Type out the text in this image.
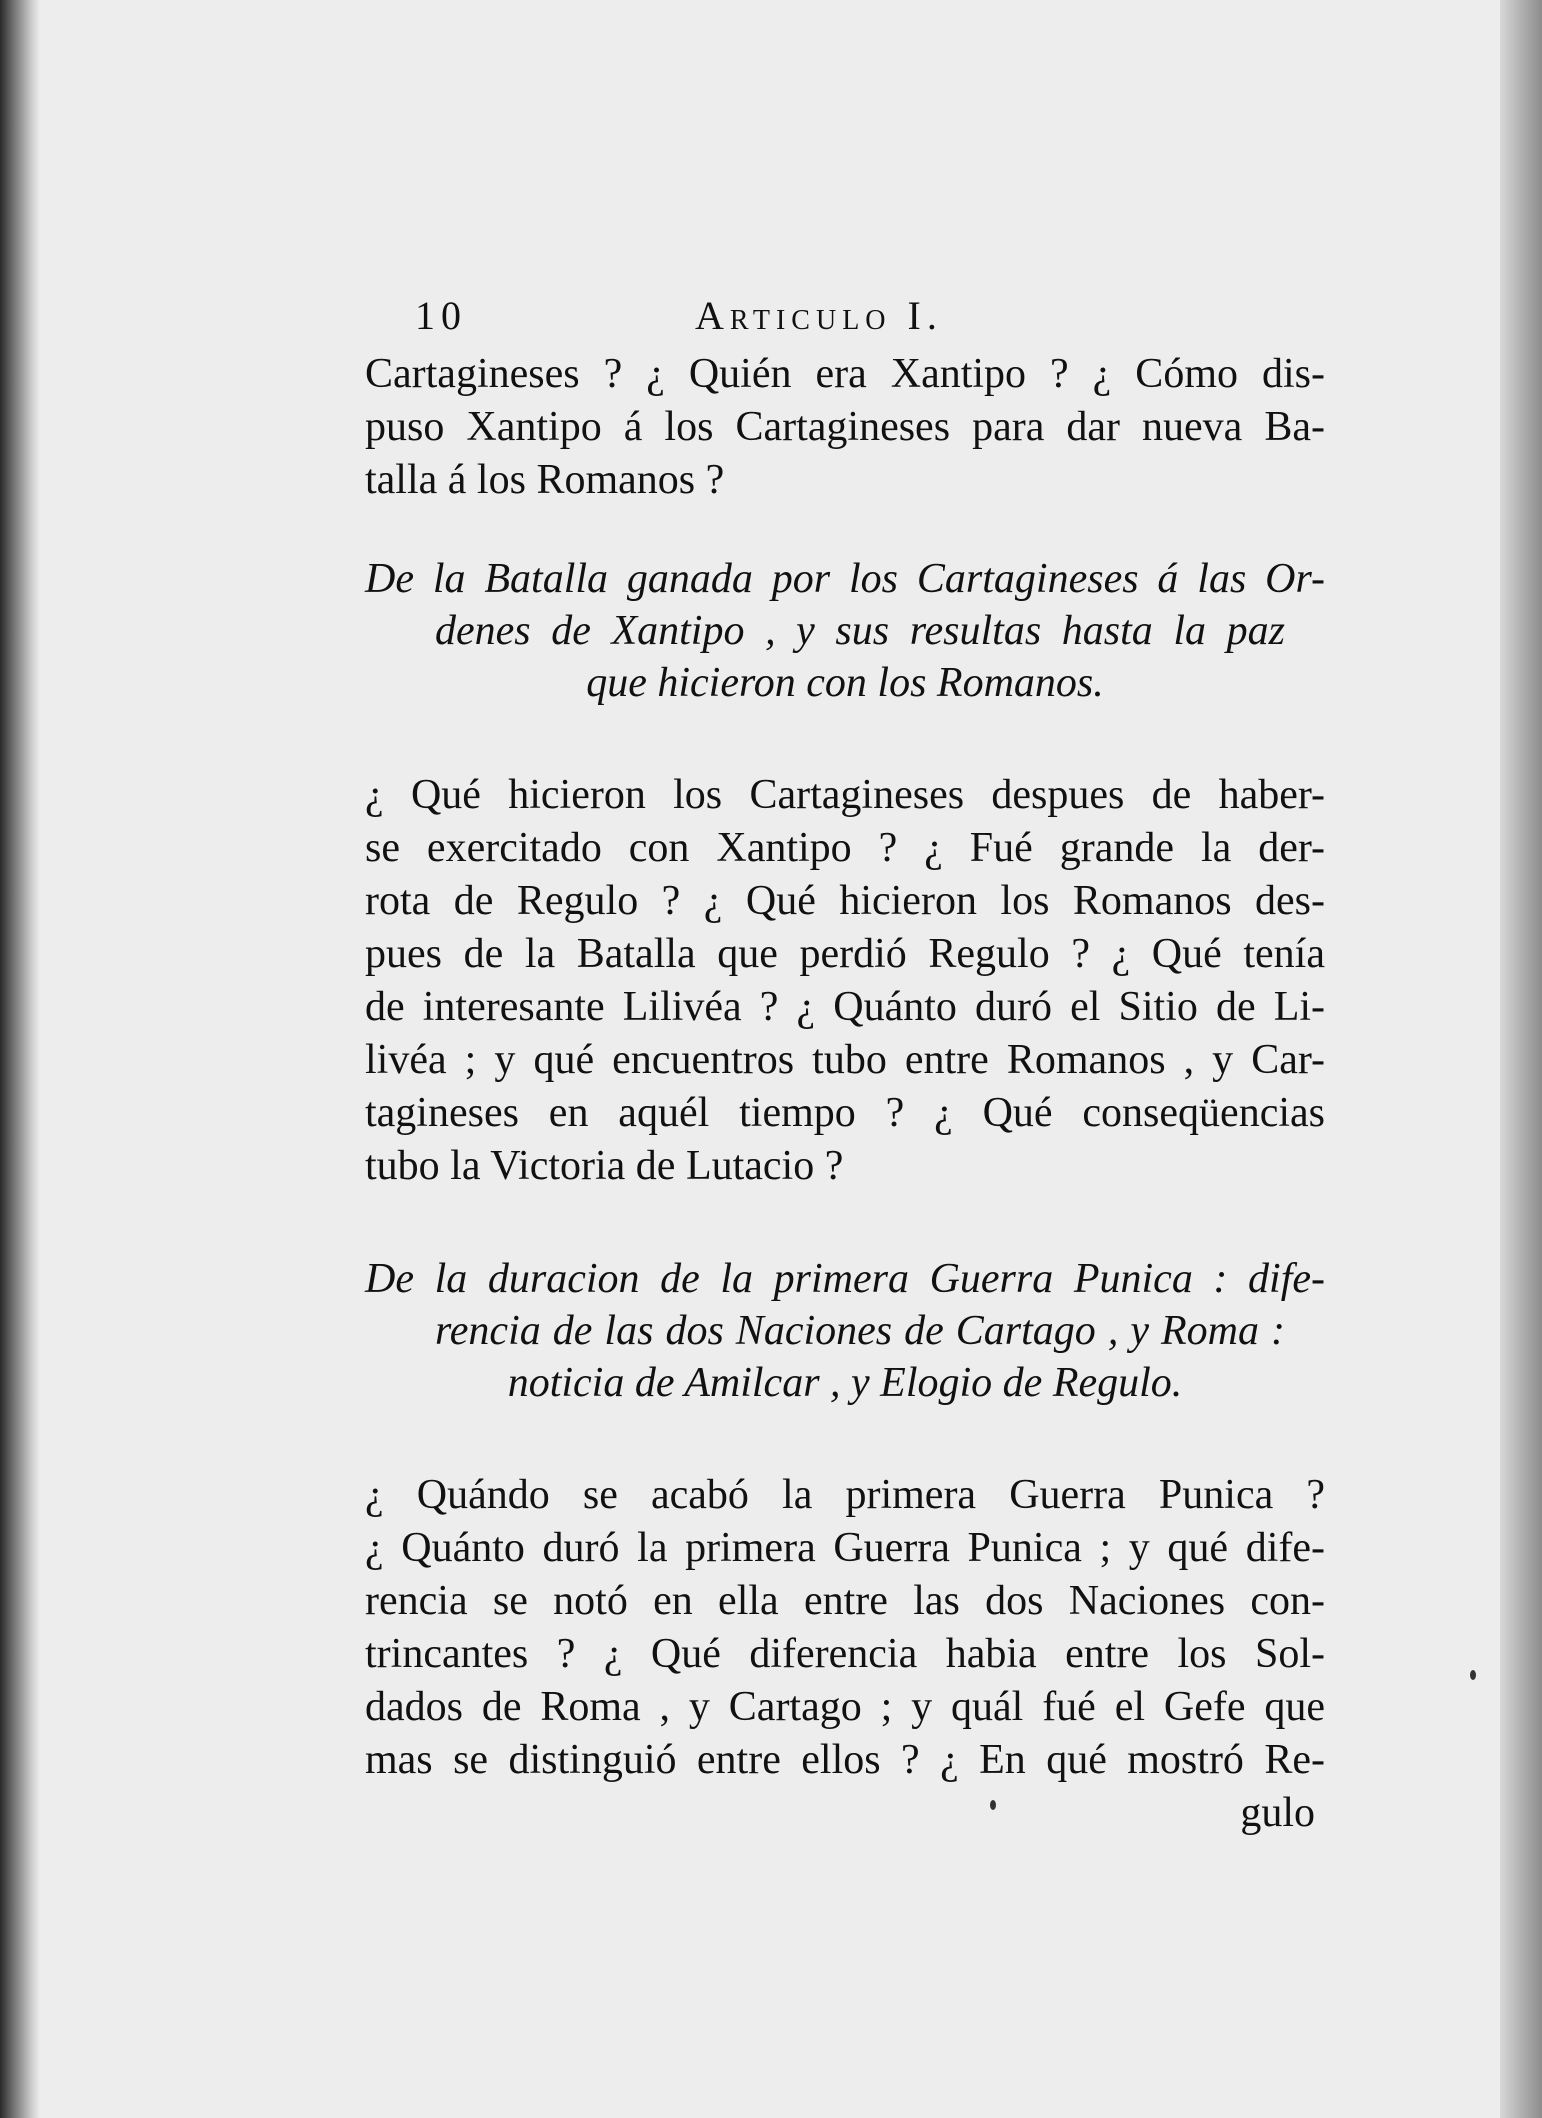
10	Articulo I.

Cartagineses ? ¿ Quién era Xantipo ? ¿ Cómo dis-
puso Xantipo á los Cartagineses para dar nueva Ba-
talla á los Romanos ?

De la Batalla ganada por los Cartagineses á las Or-
denes de Xantipo , y sus resultas hasta la paz
que hicieron con los Romanos.

¿ Qué hicieron los Cartagineses despues de haber-
se exercitado con Xantipo ? ¿ Fué grande la der-
rota de Regulo ? ¿ Qué hicieron los Romanos des-
pues de la Batalla que perdió Regulo ? ¿ Qué tenía
de interesante Lilivéa ? ¿ Quánto duró el Sitio de Li-
livéa ; y qué encuentros tubo entre Romanos , y Car-
tagineses en aquél tiempo ? ¿ Qué conseqüencias
tubo la Victoria de Lutacio ?

De la duracion de la primera Guerra Punica : dife-
rencia de las dos Naciones de Cartago , y Roma :
noticia de Amilcar , y Elogio de Regulo.

¿ Quándo se acabó la primera Guerra Punica ?
¿ Quánto duró la primera Guerra Punica ; y qué dife-
rencia se notó en ella entre las dos Naciones con-
trincantes ? ¿ Qué diferencia habia entre los Sol-
dados de Roma , y Cartago ; y quál fué el Gefe que
mas se distinguió entre ellos ? ¿ En qué mostró Re-

gulo
